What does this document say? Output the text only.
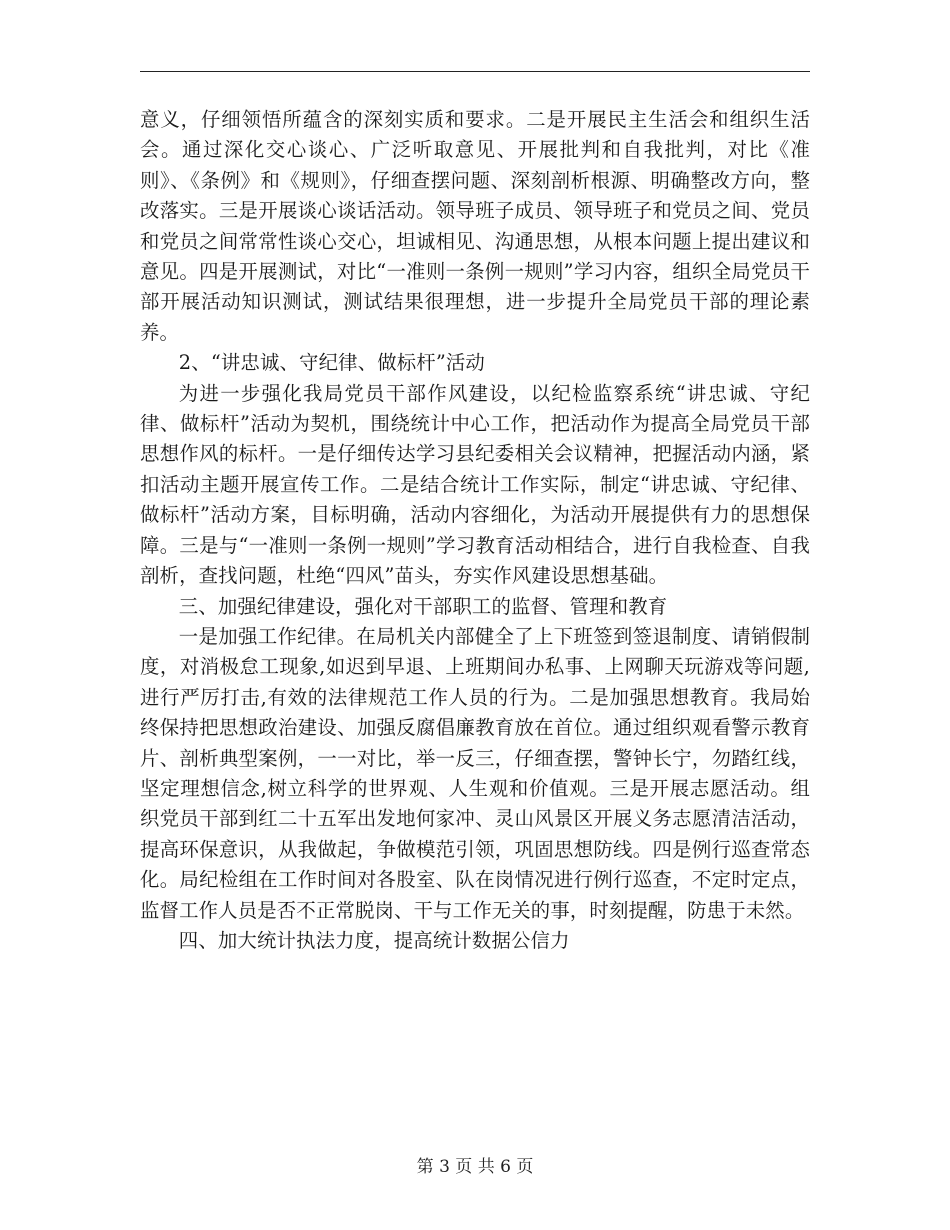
意义，仔细领悟所蕴含的深刻实质和要求。二是开展民主生活会和组织生活会。通过深化交心谈心、广泛听取意见、开展批判和自我批判，对比《准则》、《条例》和《规则》，仔细查摆问题、深刻剖析根源、明确整改方向，整改落实。三是开展谈心谈话活动。领导班子成员、领导班子和党员之间、党员和党员之间常常性谈心交心，坦诚相见、沟通思想，从根本问题上提出建议和意见。四是开展测试，对比“一准则一条例一规则”学习内容，组织全局党员干部开展活动知识测试，测试结果很理想，进一步提升全局党员干部的理论素养。

2、“讲忠诚、守纪律、做标杆”活动

为进一步强化我局党员干部作风建设，以纪检监察系统“讲忠诚、守纪律、做标杆”活动为契机，围绕统计中心工作，把活动作为提高全局党员干部思想作风的标杆。一是仔细传达学习县纪委相关会议精神，把握活动内涵，紧扣活动主题开展宣传工作。二是结合统计工作实际，制定“讲忠诚、守纪律、做标杆”活动方案，目标明确，活动内容细化，为活动开展提供有力的思想保障。三是与“一准则一条例一规则”学习教育活动相结合，进行自我检查、自我剖析，查找问题，杜绝“四风”苗头，夯实作风建设思想基础。

三、加强纪律建设，强化对干部职工的监督、管理和教育

一是加强工作纪律。在局机关内部健全了上下班签到签退制度、请销假制度，对消极怠工现象,如迟到早退、上班期间办私事、上网聊天玩游戏等问题,进行严厉打击,有效的法律规范工作人员的行为。二是加强思想教育。我局始终保持把思想政治建设、加强反腐倡廉教育放在首位。通过组织观看警示教育片、剖析典型案例，一一对比，举一反三，仔细查摆，警钟长宁，勿踏红线，坚定理想信念,树立科学的世界观、人生观和价值观。三是开展志愿活动。组织党员干部到红二十五军出发地何家冲、灵山风景区开展义务志愿清洁活动，提高环保意识，从我做起，争做模范引领，巩固思想防线。四是例行巡查常态化。局纪检组在工作时间对各股室、队在岗情况进行例行巡查，不定时定点，监督工作人员是否不正常脱岗、干与工作无关的事，时刻提醒，防患于未然。

四、加大统计执法力度，提高统计数据公信力

第 3 页 共 6 页
